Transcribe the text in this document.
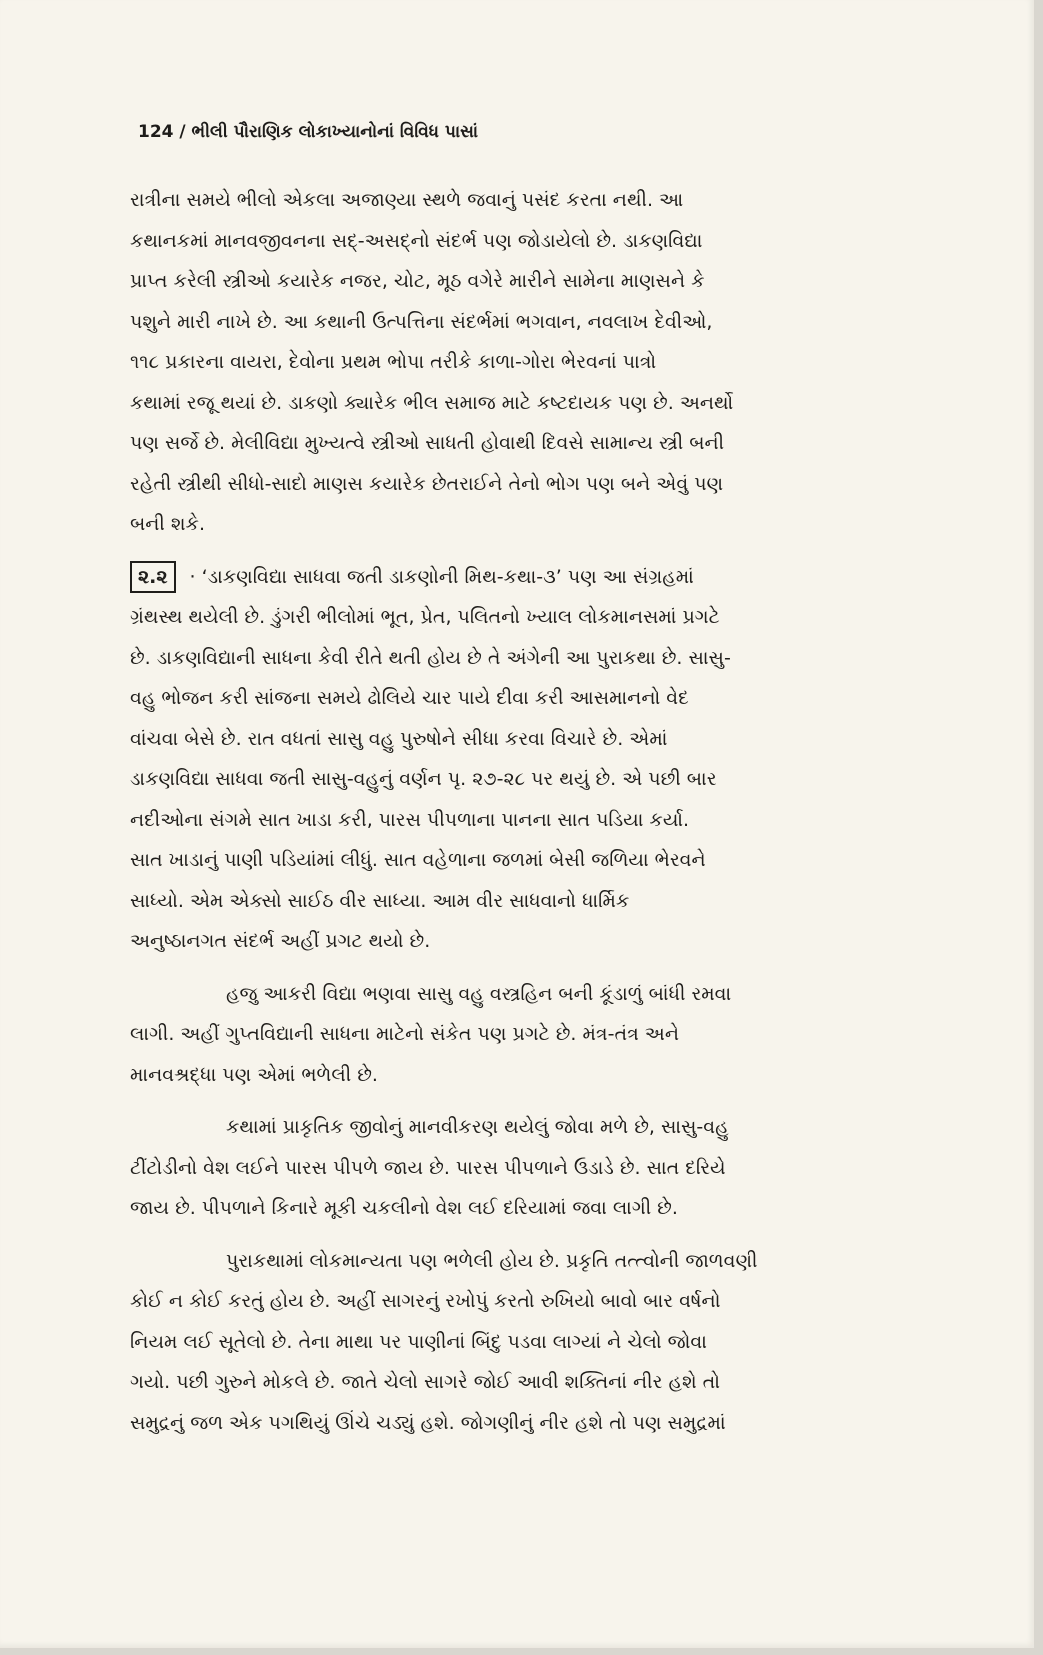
124 / ભીલી પૌરાણિક લોકાખ્યાનોનાં વિવિધ પાસાં
રાત્રીના સમયે ભીલો એકલા અજાણ્યા સ્થળે જવાનું પસંદ કરતા નથી. આ
કથાનકમાં માનવજીવનના સદ્-અસદ્નો સંદર્ભ પણ જોડાયેલો છે. ડાકણવિદ્યા
પ્રાપ્ત કરેલી સ્ત્રીઓ કયારેક નજર, ચોટ, મૂઠ વગેરે મારીને સામેના માણસને કે
પશુને મારી નાખે છે. આ કથાની ઉત્પત્તિના સંદર્ભમાં ભગવાન, નવલાખ દેવીઓ,
૧૧૮ પ્રકારના વાયરા, દેવોના પ્રથમ ભોપા તરીકે કાળા-ગોરા ભેરવનાં પાત્રો
કથામાં રજૂ થયાં છે. ડાકણો ક્યારેક ભીલ સમાજ માટે કષ્ટદાયક પણ છે. અનર્થો
પણ સર્જે છે. મેલીવિદ્યા મુખ્યત્વે સ્ત્રીઓ સાધતી હોવાથી દિવસે સામાન્ય સ્ત્રી બની
રહેતી સ્ત્રીથી સીધો-સાદો માણસ કયારેક છેતરાઈને તેનો ભોગ પણ બને એવું પણ
બની શકે.
૨.૨ · ‘ડાકણવિદ્યા સાધવા જતી ડાકણોની મિથ-કથા-૩’ પણ આ સંગ્રહમાં
ગ્રંથસ્થ થયેલી છે. ડુંગરી ભીલોમાં ભૂત, પ્રેત, પલિતનો ખ્યાલ લોકમાનસમાં પ્રગટે
છે. ડાકણવિદ્યાની સાધના કેવી રીતે થતી હોય છે તે અંગેની આ પુરાકથા છે. સાસુ-
વહુ ભોજન કરી સાંજના સમયે ઢોલિયે ચાર પાયે દીવા કરી આસમાનનો વેદ
વાંચવા બેસે છે. રાત વધતાં સાસુ વહુ પુરુષોને સીધા કરવા વિચારે છે. એમાં
ડાકણવિદ્યા સાધવા જતી સાસુ-વહુનું વર્ણન પૃ. ૨૭-૨૮ પર થયું છે. એ પછી બાર
નદીઓના સંગમે સાત ખાડા કરી, પારસ પીપળાના પાનના સાત પડિયા કર્યા.
સાત ખાડાનું પાણી પડિયાંમાં લીધું. સાત વહેળાના જળમાં બેસી જળિયા ભેરવને
સાધ્યો. એમ એક્સો સાઈઠ વીર સાધ્યા. આમ વીર સાધવાનો ધાર્મિક
અનુષ્ઠાનગત સંદર્ભ અહીં પ્રગટ થયો છે.
હજુ આકરી વિદ્યા ભણવા સાસુ વહુ વસ્ત્રહિન બની કૂંડાળું બાંધી રમવા
લાગી. અહીં ગુપ્તવિદ્યાની સાધના માટેનો સંકેત પણ પ્રગટે છે. મંત્ર-તંત્ર અને
માનવશ્રદ્ધા પણ એમાં ભળેલી છે.
કથામાં પ્રાકૃતિક જીવોનું માનવીકરણ થયેલું જોવા મળે છે, સાસુ-વહુ
ટીંટોડીનો વેશ લઈને પારસ પીપળે જાય છે. પારસ પીપળાને ઉડાડે છે. સાત દરિયે
જાય છે. પીપળાને કિનારે મૂકી ચકલીનો વેશ લઈ દરિયામાં જવા લાગી છે.
પુરાકથામાં લોકમાન્યતા પણ ભળેલી હોય છે. પ્રકૃતિ તત્ત્વોની જાળવણી
કોઈ ન કોઈ કરતું હોય છે. અહીં સાગરનું રખોપું કરતો રુખિયો બાવો બાર વર્ષનો
નિયમ લઈ સૂતેલો છે. તેના માથા પર પાણીનાં બિંદુ પડવા લાગ્યાં ને ચેલો જોવા
ગયો. પછી ગુરુને મોકલે છે. જાતે ચેલો સાગરે જોઈ આવી શક્તિનાં નીર હશે તો
સમુદ્રનું જળ એક પગથિયું ઊંચે ચડ્યું હશે. જોગણીનું નીર હશે તો પણ સમુદ્રમાં
